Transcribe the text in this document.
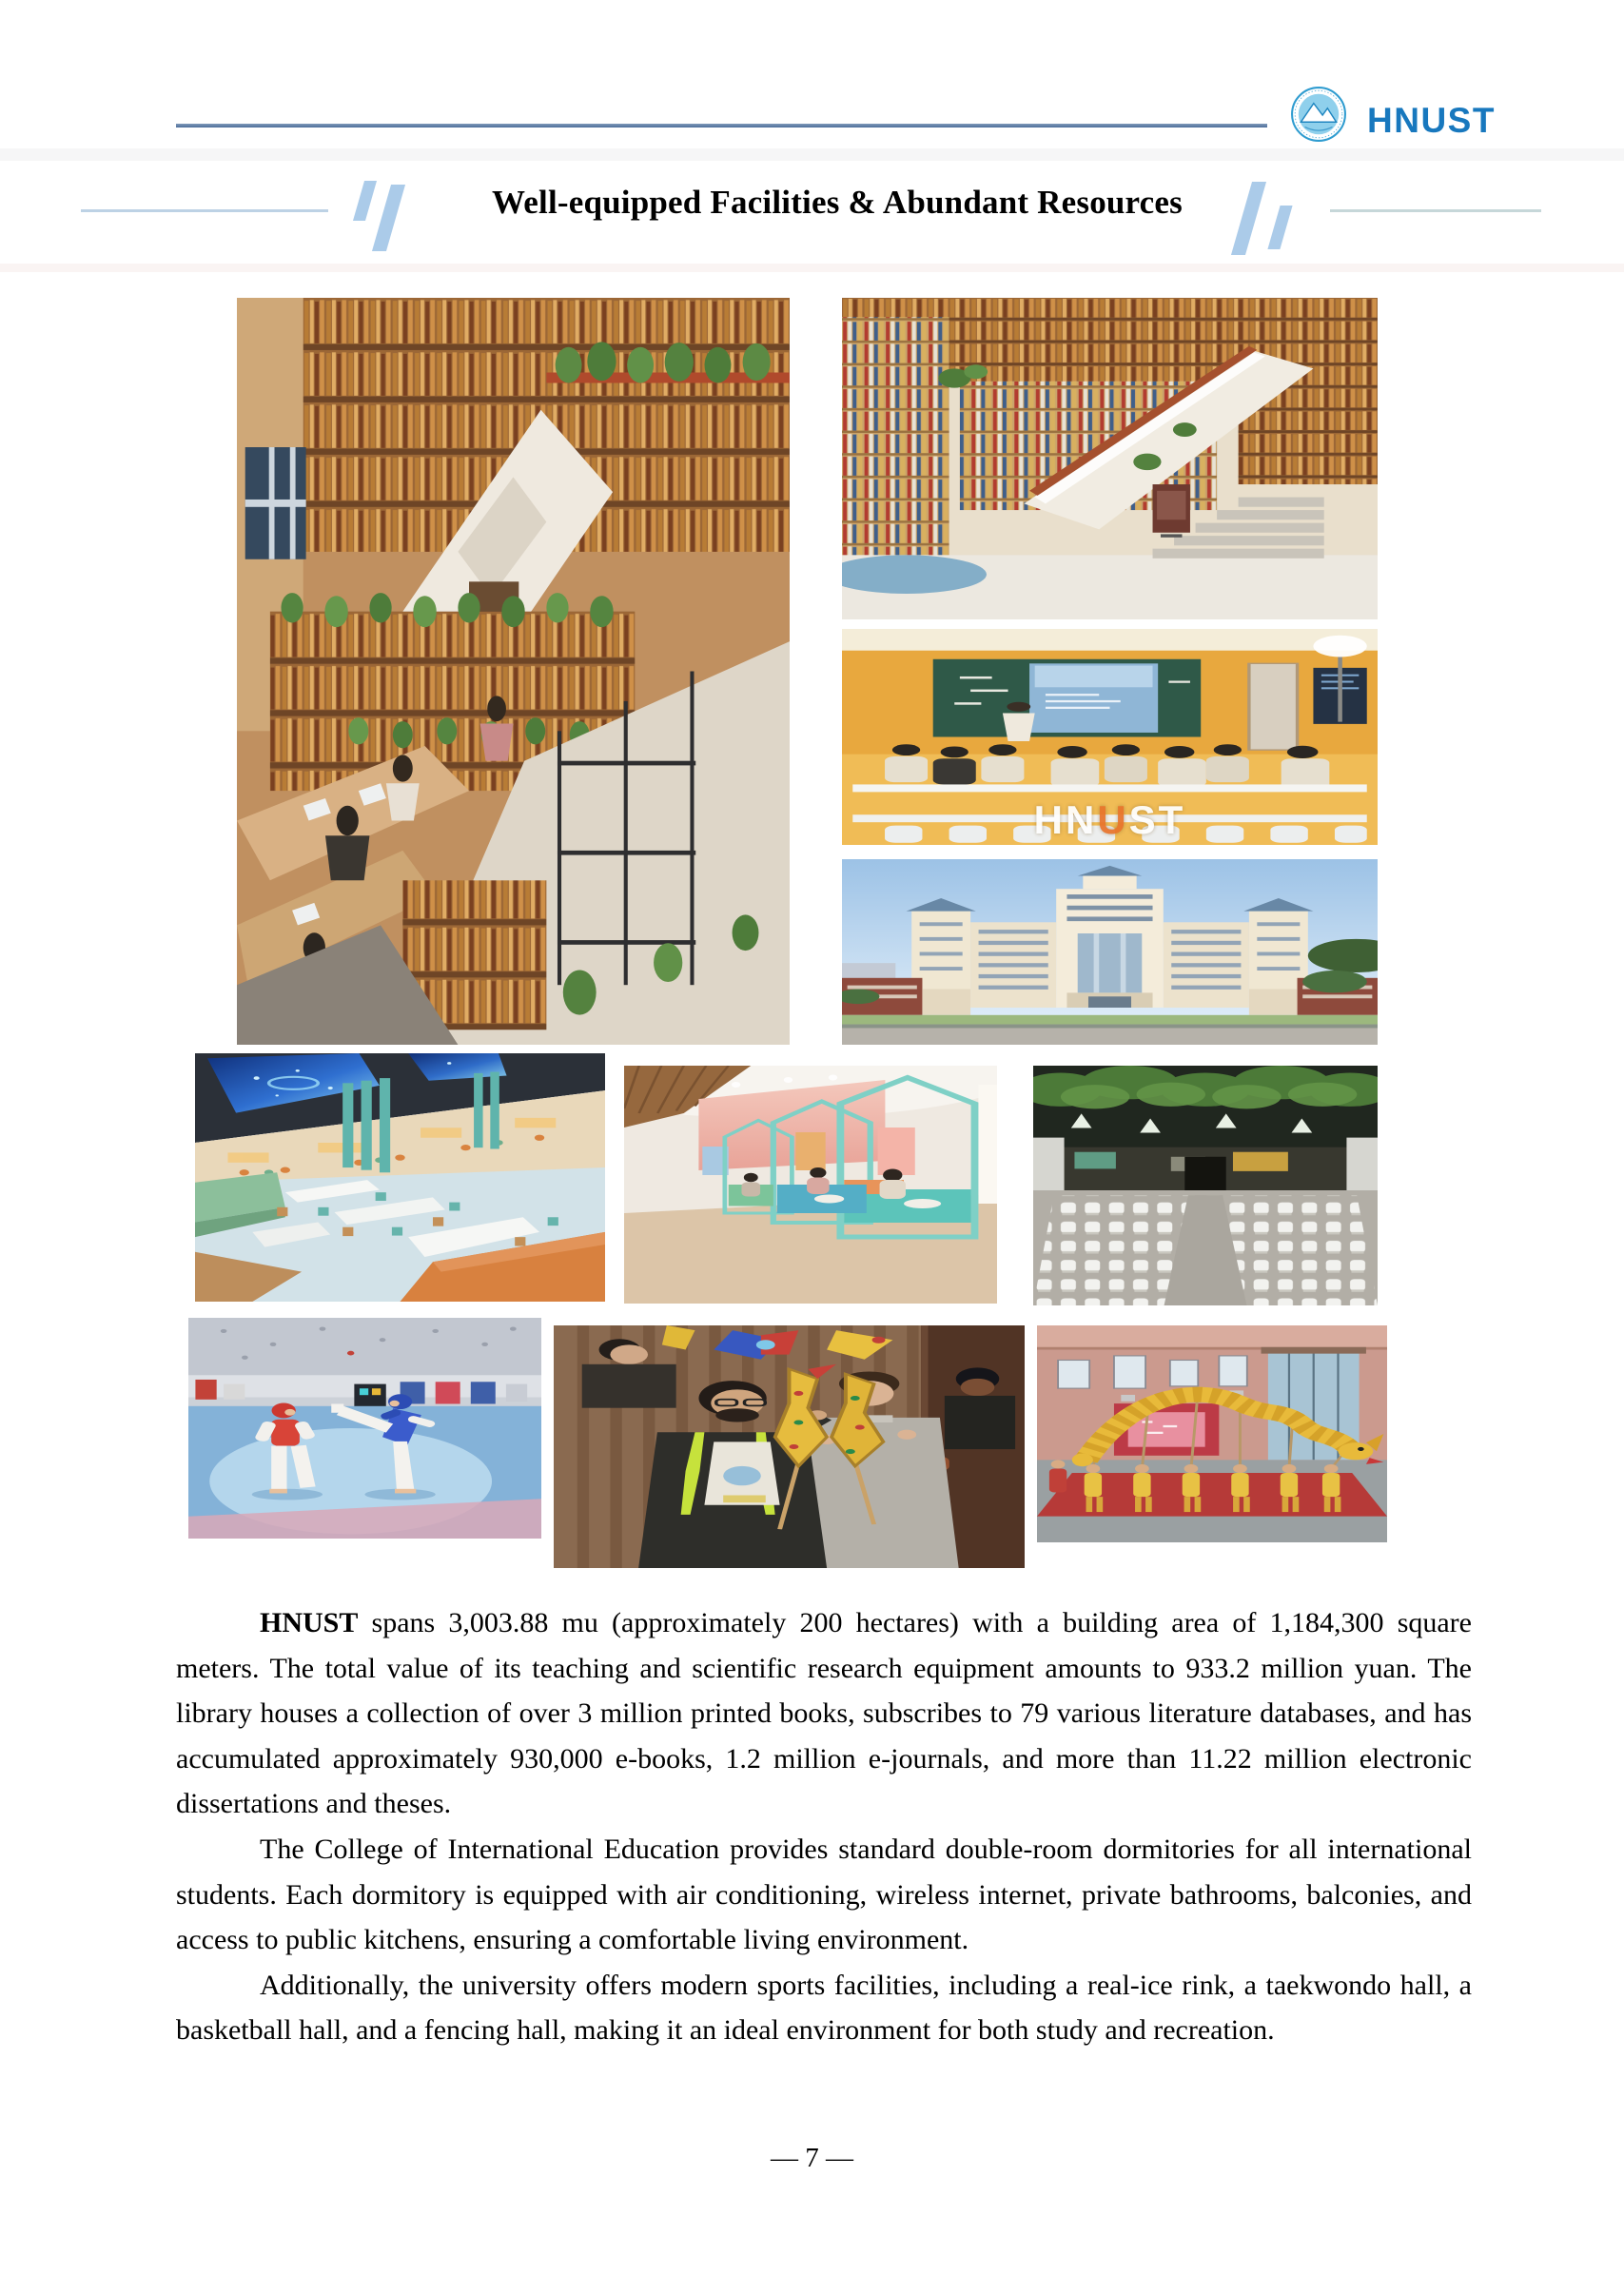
HNUST
Well-equipped Facilities & Abundant Resources
HNUST

HNUST spans 3,003.88 mu (approximately 200 hectares) with a building area of 1,184,300 square meters. The total value of its teaching and scientific research equipment amounts to 933.2 million yuan. The library houses a collection of over 3 million printed books, subscribes to 79 various literature databases, and has accumulated approximately 930,000 e-books, 1.2 million e-journals, and more than 11.22 million electronic dissertations and theses.

The College of International Education provides standard double-room dormitories for all international students. Each dormitory is equipped with air conditioning, wireless internet, private bathrooms, balconies, and access to public kitchens, ensuring a comfortable living environment.

Additionally, the university offers modern sports facilities, including a real-ice rink, a taekwondo hall, a basketball hall, and a fencing hall, making it an ideal environment for both study and recreation.

— 7 —
